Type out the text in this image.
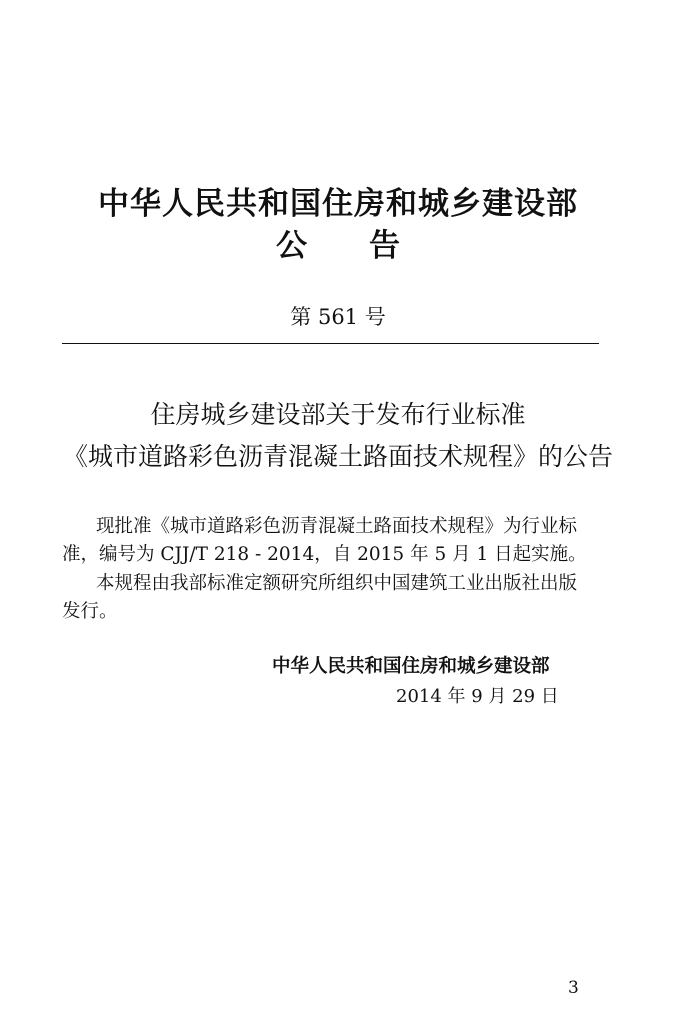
中华人民共和国住房和城乡建设部
公告
第 561 号
住房城乡建设部关于发布行业标准
《城市道路彩色沥青混凝土路面技术规程》的公告
现批准《城市道路彩色沥青混凝土路面技术规程》为行业标
准，编号为 CJJ/T 218 - 2014，自 2015 年 5 月 1 日起实施。
本规程由我部标准定额研究所组织中国建筑工业出版社出版
发行。
中华人民共和国住房和城乡建设部
2014 年 9 月 29 日
3
